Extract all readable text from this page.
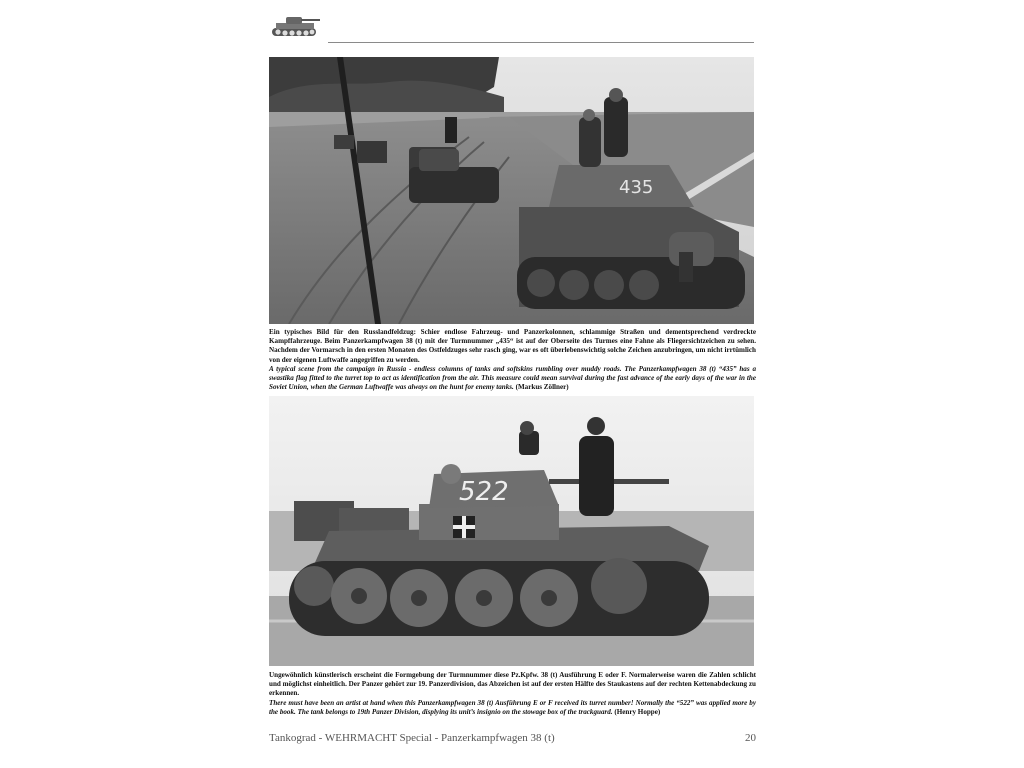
435

Ein typisches Bild für den Russlandfeldzug: Schier endlose Fahrzeug- und Panzerkolonnen, schlammige Straßen und dementsprechend verdreckte Kampffahrzeuge. Beim Panzerkampfwagen 38 (t) mit der Turmnummer „435“ ist auf der Oberseite des Turmes eine Fahne als Fliegersichtzeichen zu sehen. Nachdem der Vormarsch in den ersten Monaten des Ostfeldzuges sehr rasch ging, war es oft überlebenswichtig solche Zeichen anzubringen, um nicht irrtümlich von der eigenen Luftwaffe angegriffen zu werden.

A typical scene from the campaign in Russia - endless columns of tanks and softskins rumbling over muddy roads. The Panzerkampfwagen 38 (t) “435” has a swastika flag fitted to the turret top to act as identification from the air. This measure could mean survival during the fast advance of the early days of the war in the Soviet Union, when the German Luftwaffe was always on the hunt for enemy tanks. (Markus Zöllner)

522

Ungewöhnlich künstlerisch erscheint die Formgebung der Turmnummer diese Pz.Kpfw. 38 (t) Ausführung E oder F. Normalerweise waren die Zahlen schlicht und möglichst einheitlich. Der Panzer gehört zur 19. Panzerdivision, das Abzeichen ist auf der ersten Hälfte des Staukastens auf der rechten Kettenabdeckung zu erkennen.

There must have been an artist at hand when this Panzerkampfwagen 38 (t) Ausführung E or F received its turret number! Normally the “522” was applied more by the book. The tank belongs to 19th Panzer Division, displying its unit’s insignio on the stowage box of the trackguard. (Henry Hoppe)

Tankograd - WEHRMACHT Special - Panzerkampfwagen 38 (t)	20
